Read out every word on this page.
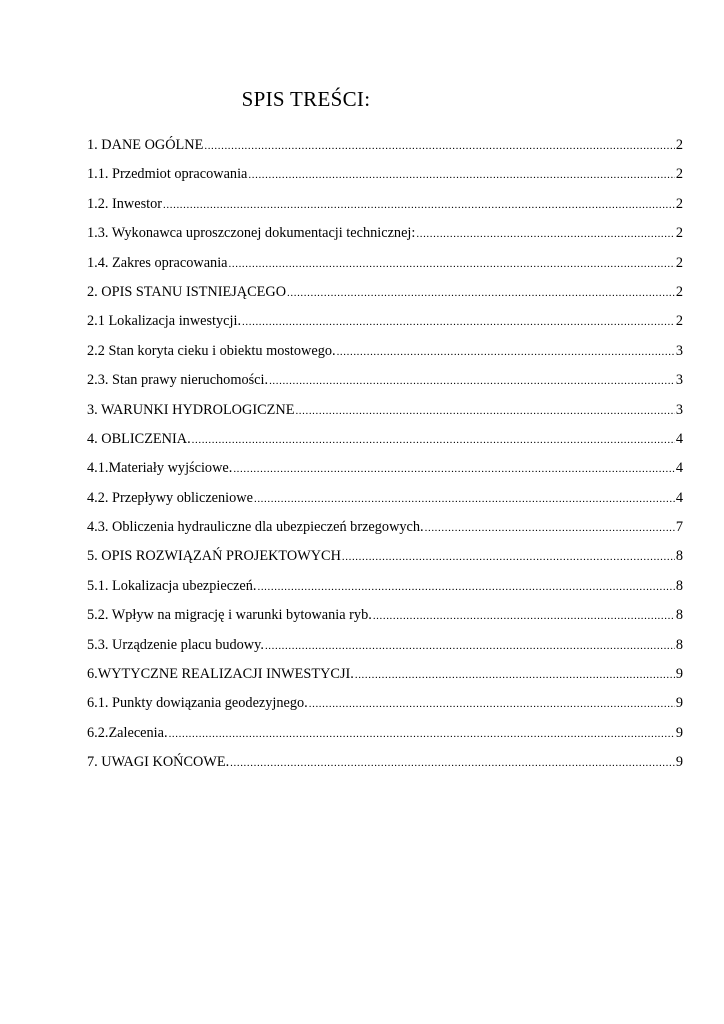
SPIS TREŚCI:
1. DANE OGÓLNE .....	2
1.1. Przedmiot opracowania .....	2
1.2. Inwestor .....	2
1.3. Wykonawca uproszczonej dokumentacji technicznej: .....	2
1.4. Zakres opracowania .....	2
2. OPIS STANU ISTNIEJĄCEGO .....	2
2.1 Lokalizacja inwestycji. .....	2
2.2 Stan koryta cieku i obiektu mostowego. .....	3
2.3. Stan prawy nieruchomości. .....	3
3. WARUNKI HYDROLOGICZNE .....	3
4. OBLICZENIA. .....	4
4.1.Materiały wyjściowe. .....	4
4.2. Przepływy obliczeniowe .....	4
4.3. Obliczenia hydrauliczne dla ubezpieczeń brzegowych. .....	7
5. OPIS ROZWIĄZAŃ PROJEKTOWYCH .....	8
5.1. Lokalizacja ubezpieczeń. .....	8
5.2. Wpływ na migrację i warunki bytowania ryb. .....	8
5.3. Urządzenie placu budowy. .....	8
6.WYTYCZNE REALIZACJI INWESTYCJI. .....	9
6.1. Punkty dowiązania geodezyjnego. .....	9
6.2.Zalecenia. .....	9
7. UWAGI KOŃCOWE. .....	9
